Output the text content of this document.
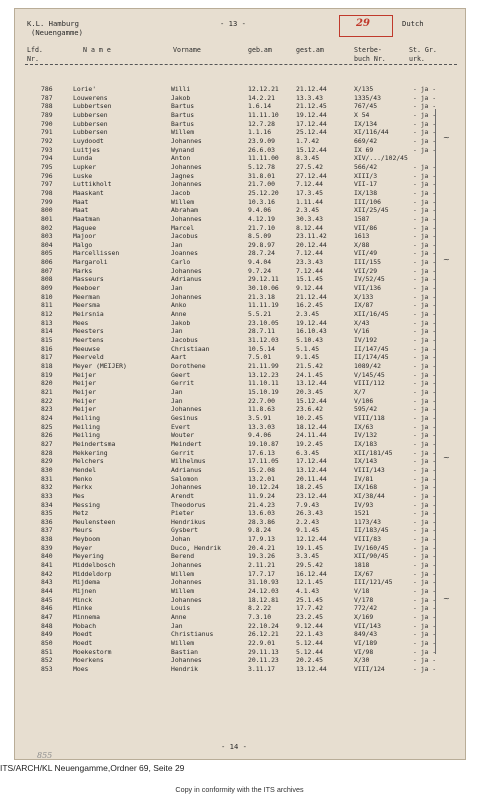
K.L. Hamburg
(Neuengamme)
- 13 -	29	Dutch
Lfd.
Nr.
N a m e	Vorname	geb.am	gest.am	Sterbe-
buch Nr.
St. Gr.
urk.
786	Lorie'	Willi	12.12.21	21.12.44	X/135	- ja -
787	Louwerens	Jakob	14.2.21	13.3.43	1335/43	- ja -
788	Lubbertsen	Bartus	1.6.14	21.12.45	767/45	- ja -
789	Lubbersen	Bartus	11.11.10	19.12.44	X 54	- ja -
790	Lubbersen	Bartus	12.7.28	17.12.44	IX/134	- ja -
791	Lubbersen	Willem	1.1.16	25.12.44	XI/116/44	- ja -
792	Luydoodt	Johannes	23.9.09	1.7.42	669/42	- ja -
793	Luitjes	Wynand	26.6.03	15.12.44	IX 69	- ja -
794	Lunda	Anton	11.11.00	8.3.45	XIV/.../102/45
795	Lupker	Johannes	5.12.78	27.5.42	566/42	- ja -
796	Luske	Jagnes	31.8.01	27.12.44	XIII/3	- ja -
797	Luttikholt	Johannes	21.7.00	7.12.44	VII-17	- ja -
798	Maaskant	Jacob	25.12.20	17.3.45	IX/138	- ja -
799	Maat	Willem	10.3.16	1.11.44	III/106	- ja -
800	Maat	Abraham	9.4.06	2.3.45	XII/25/45	- ja -
801	Maatman	Johannes	4.12.19	30.3.43	1587	- ja -
802	Maguee	Marcel	21.7.10	8.12.44	VII/86	- ja -
803	Majoor	Jacobus	8.5.09	23.11.42	1613	- ja -
804	Malgo	Jan	29.8.97	20.12.44	X/88	- ja -
805	Marcellissen	Joannes	28.7.24	7.12.44	VII/49	- ja -
806	Margaroli	Carlo	9.4.04	23.3.43	III/155	- ja -
807	Marks	Johannes	9.7.24	7.12.44	VII/29	- ja -
808	Masseurs	Adrianus	29.12.11	15.1.45	IV/52/45	- ja -
809	Meeboer	Jan	30.10.06	9.12.44	VII/136	- ja -
810	Meerman	Johannes	21.3.18	21.12.44	X/133	- ja -
811	Meersma	Anko	11.11.19	16.2.45	IX/87	- ja -
812	Meirsnia	Anne	5.5.21	2.3.45	XII/16/45	- ja -
813	Mees	Jakob	23.10.05	19.12.44	X/43	- ja -
814	Meesters	Jan	28.7.11	16.10.43	V/16	- ja -
815	Meertens	Jacobus	31.12.03	5.10.43	IV/192	- ja -
816	Meeuwse	Christiaan	10.5.14	5.1.45	II/147/45	- ja -
817	Meerveld	Aart	7.5.01	9.1.45	II/174/45	- ja -
818	Meyer (MEIJER)	Dorothene	21.11.99	21.5.42	1089/42	- ja -
819	Meijer	Geert	13.12.23	24.1.45	V/145/45	- ja -
820	Meijer	Gerrit	11.10.11	13.12.44	VIII/112	- ja -
821	Meijer	Jan	15.10.19	20.3.45	X/7	- ja -
822	Meijer	Jan	22.7.00	15.12.44	V/106	- ja -
823	Meijer	Johannes	11.8.63	23.6.42	595/42	- ja -
824	Meiling	Gesinus	3.5.91	10.2.45	VIII/118	- ja -
825	Meiling	Evert	13.3.03	18.12.44	IX/63	- ja -
826	Meiling	Wouter	9.4.06	24.11.44	IV/132	- ja -
827	Meindertsma	Meindert	19.10.87	19.2.45	IX/183	- ja -
828	Mekkering	Gerrit	17.6.13	6.3.45	XII/181/45	- ja -
829	Melchers	Wilhelmus	17.11.05	17.12.44	IX/143	- ja -
830	Mendel	Adrianus	15.2.08	13.12.44	VIII/143	- ja -
831	Menko	Salomon	13.2.01	20.11.44	IV/81	- ja -
832	Merkx	Johannes	10.12.24	18.2.45	IX/168	- ja -
833	Mes	Arendt	11.9.24	23.12.44	XI/38/44	- ja -
834	Messing	Theodorus	21.4.23	7.9.43	IV/93	- ja -
835	Metz	Pieter	13.6.03	26.3.43	1521	- ja -
836	Meulensteen	Hendrikus	28.3.86	2.2.43	1173/43	- ja -
837	Meurs	Gysbert	9.8.24	9.1.45	II/183/45	- ja -
838	Meyboom	Johan	17.9.13	12.12.44	VIII/83	- ja -
839	Meyer	Duco, Hendrik	20.4.21	19.1.45	IV/160/45	- ja -
840	Meyering	Berend	19.3.26	3.3.45	XII/90/45	- ja -
841	Middelbosch	Johannes	2.11.21	29.5.42	1818	- ja -
842	Middeldorp	Willem	17.7.17	16.12.44	IX/67	- ja -
843	Mijdema	Johannes	31.10.93	12.1.45	III/121/45	- ja -
844	Mijnen	Willem	24.12.03	4.1.43	V/18	- ja -
845	Minck	Johannes	18.12.81	25.1.45	V/178	- ja -
846	Minke	Louis	8.2.22	17.7.42	772/42	- ja -
847	Minnema	Anne	7.3.10	23.2.45	X/169	- ja -
848	Mobach	Jan	22.10.24	9.12.44	VII/143	- ja -
849	Moedt	Christianus	26.12.21	22.1.43	849/43	- ja -
850	Moedt	Willem	22.9.01	5.12.44	VI/189	- ja -
851	Moekestorm	Bastian	29.11.13	5.12.44	VI/98	- ja -
852	Moerkens	Johannes	20.11.23	20.2.45	X/30	- ja -
853	Moes	Hendrik	3.11.17	13.12.44	VIII/124	- ja -
~
~
~
~
- 14 -
855
ITS/ARCH/KL Neuengamme,Ordner 69, Seite 29
Copy in conformity with the ITS archives
